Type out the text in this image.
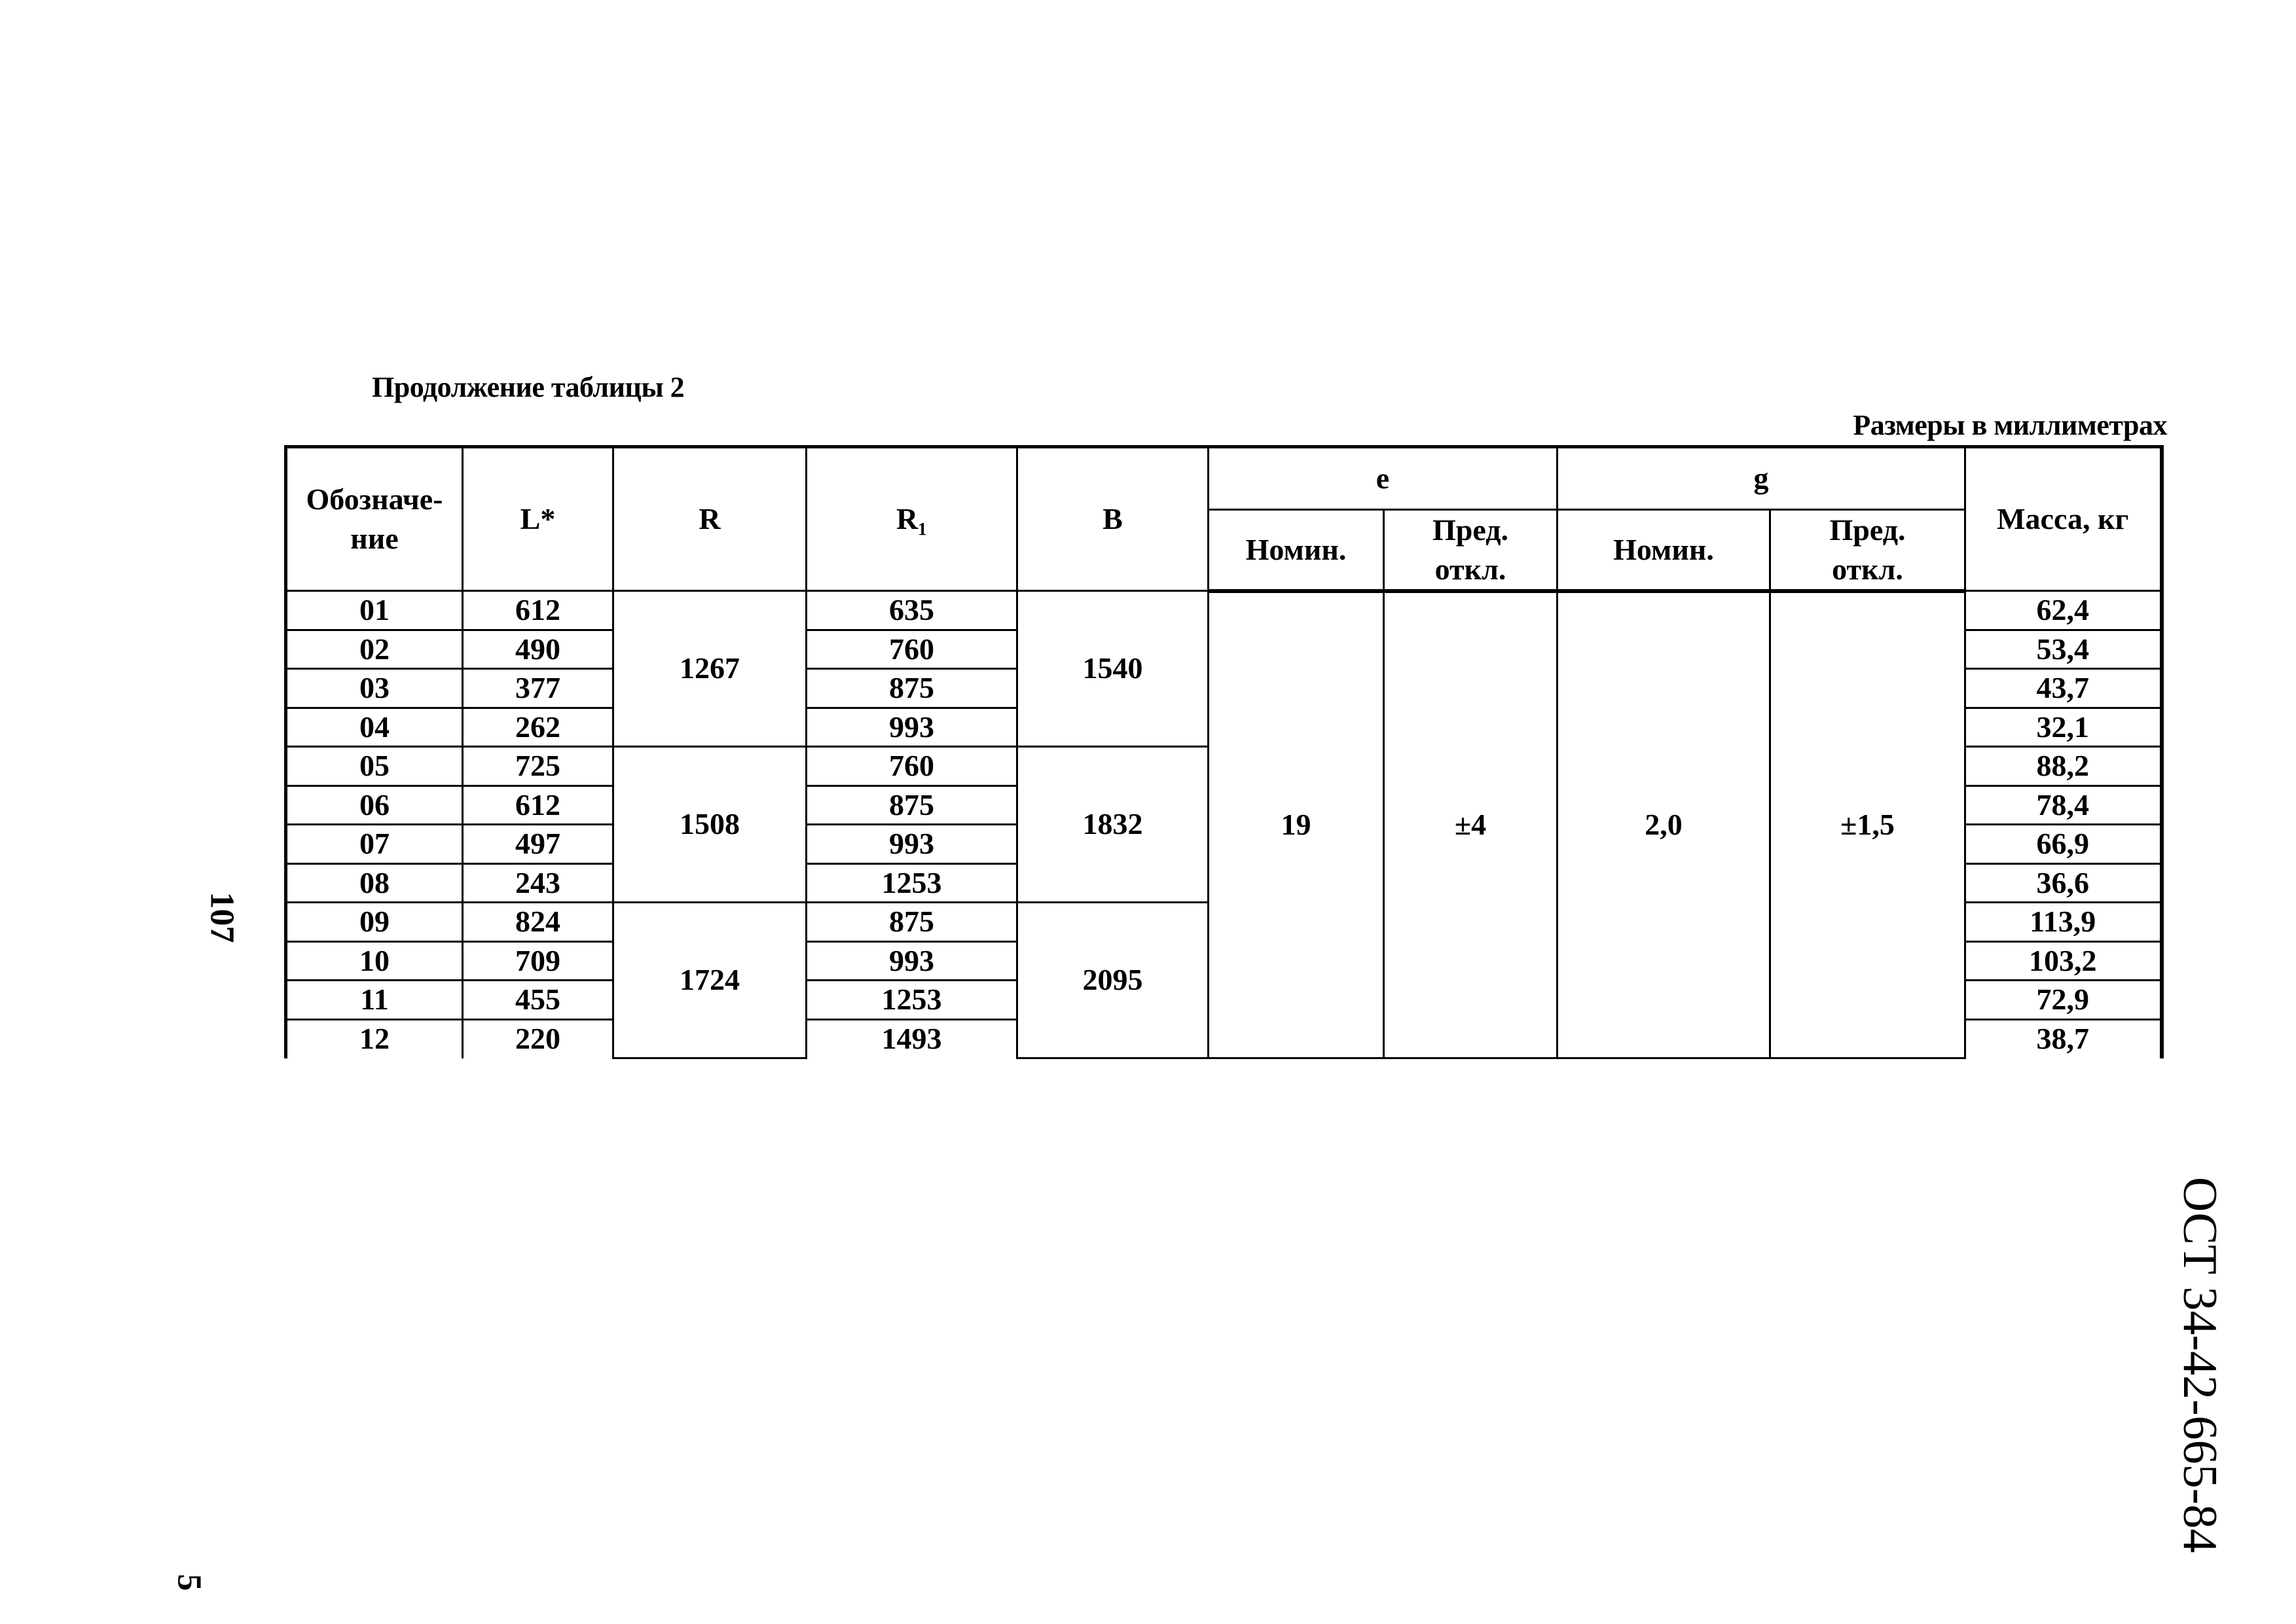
Продолжение таблицы 2
Размеры в миллиметрах
Обозначе-ние	L*	R	R₁	B	e		g		Масса, кг
					Номин.	Пред. откл.	Номин.	Пред. откл.	
01	612	1267	635	1540	19	±4	2,0	±1,5	62,4
02	490		760						53,4
03	377		875						43,7
04	262		993						32,1
05	725	1508	760	1832					88,2
06	612		875						78,4
07	497		993						66,9
08	243		1253						36,6
09	824	1724	875	2095					113,9
10	709		993						103,2
11	455		1253						72,9
12	220		1493						38,7
107
5
ОСТ 34-42-665-84
